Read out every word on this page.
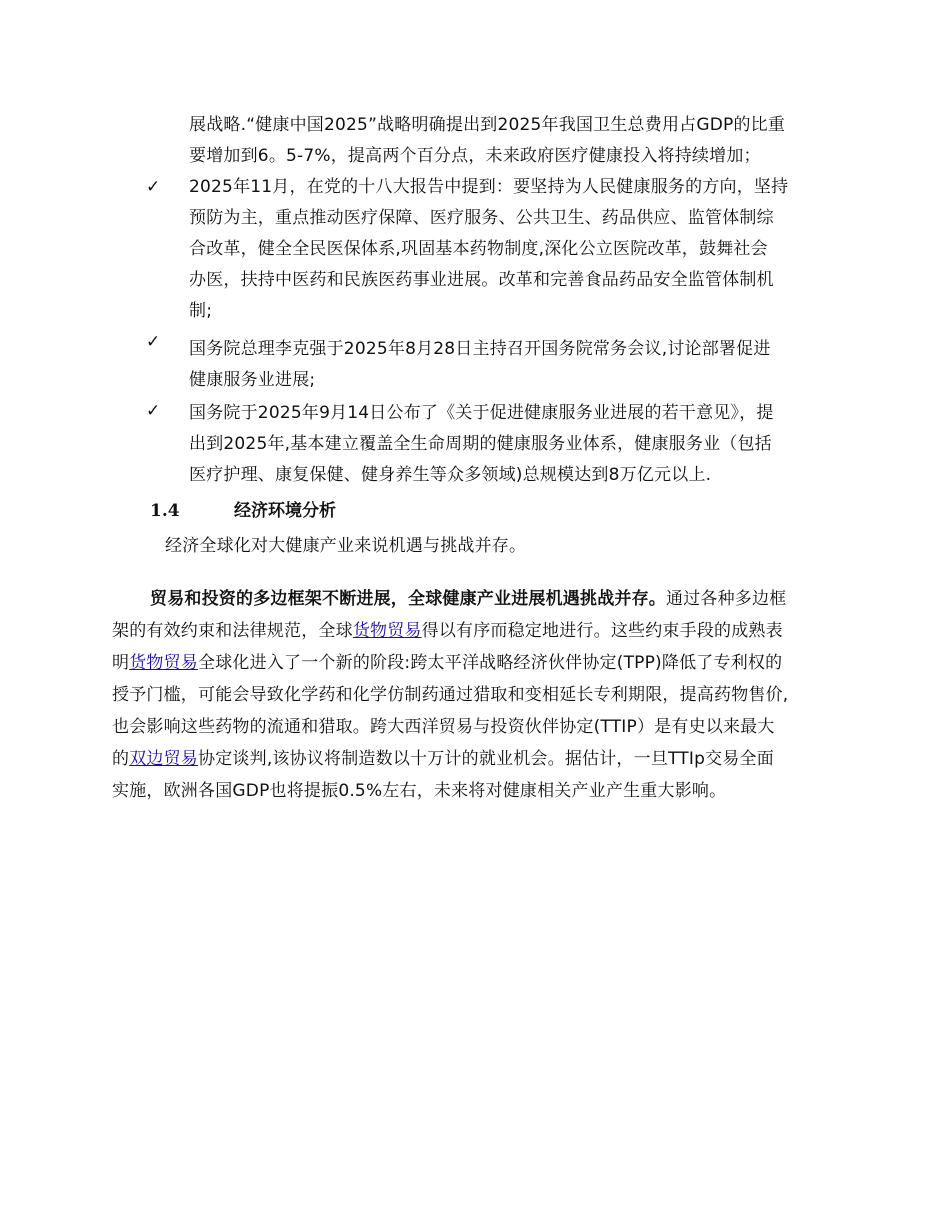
展战略.“健康中国2025”战略明确提出到2025年我国卫生总费用占GDP的比重
要增加到6。5-7%，提高两个百分点，未来政府医疗健康投入将持续增加；
✓ 2025年11月，在党的十八大报告中提到：要坚持为人民健康服务的方向，坚持
预防为主，重点推动医疗保障、医疗服务、公共卫生、药品供应、监管体制综
合改革，健全全民医保体系,巩固基本药物制度,深化公立医院改革，鼓舞社会
办医，扶持中医药和民族医药事业进展。改革和完善食品药品安全监管体制机
制;
✓ 国务院总理李克强于2025年8月28日主持召开国务院常务会议,讨论部署促进
健康服务业进展;
✓ 国务院于2025年9月14日公布了《关于促进健康服务业进展的若干意见》，提
出到2025年,基本建立覆盖全生命周期的健康服务业体系，健康服务业（包括
医疗护理、康复保健、健身养生等众多领域)总规模达到8万亿元以上.
1.4	经济环境分析
经济全球化对大健康产业来说机遇与挑战并存。
贸易和投资的多边框架不断进展，全球健康产业进展机遇挑战并存。通过各种多边框
架的有效约束和法律规范，全球货物贸易得以有序而稳定地进行。这些约束手段的成熟表
明货物贸易全球化进入了一个新的阶段:跨太平洋战略经济伙伴协定(TPP)降低了专利权的
授予门槛，可能会导致化学药和化学仿制药通过猎取和变相延长专利期限，提高药物售价,
也会影响这些药物的流通和猎取。跨大西洋贸易与投资伙伴协定(TTIP）是有史以来最大
的双边贸易协定谈判,该协议将制造数以十万计的就业机会。据估计，一旦TTIp交易全面
实施，欧洲各国GDP也将提振0.5%左右，未来将对健康相关产业产生重大影响。
